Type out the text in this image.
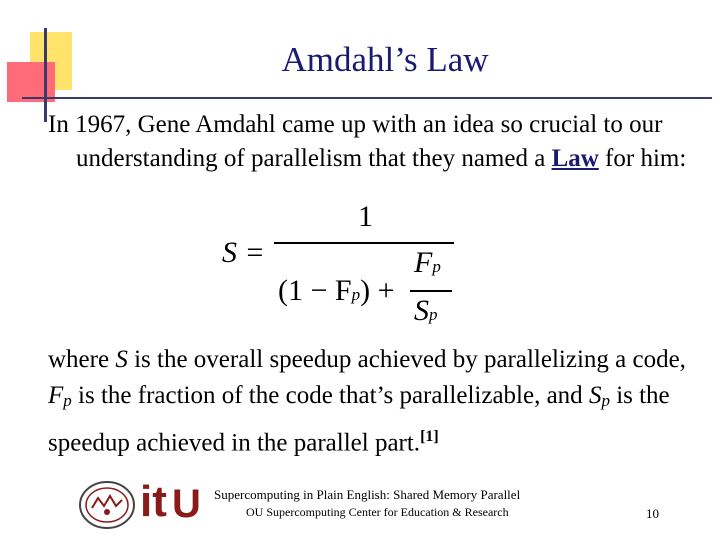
Amdahl’s Law
In 1967, Gene Amdahl came up with an idea so crucial to our understanding of parallelism that they named a Law for him:
S =
1
(1 − Fp) +
Fp
Sp
where S is the overall speedup achieved by parallelizing a code, $F_p$ is the fraction of the code that’s parallelizable, and $S_p$ is the speedup achieved in the parallel part.[1]
it U Supercomputing in Plain English: Shared Memory Parallel
OU Supercomputing Center for Education & Research	10
